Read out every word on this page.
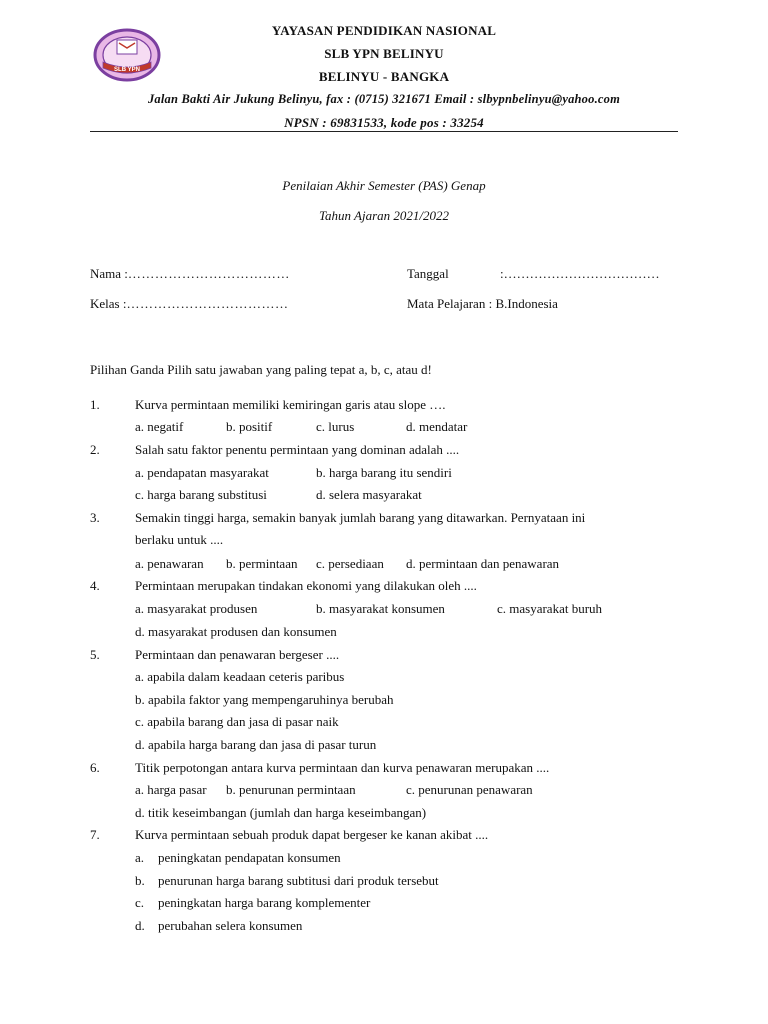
SLB YPN
YAYASAN PENDIDIKAN NASIONAL
SLB YPN BELINYU
BELINYU - BANGKA
Jalan Bakti Air Jukung Belinyu, fax : (0715) 321671 Email : slbypnbelinyu@yahoo.com
NPSN : 69831533, kode pos : 33254
Penilaian Akhir Semester (PAS) Genap
Tahun Ajaran 2021/2022
Nama :………………………………
Kelas :………………………………
Tanggal	:………………………………
Mata Pelajaran : B.Indonesia
Pilihan Ganda Pilih satu jawaban yang paling tepat a, b, c, atau d!
1.	Kurva permintaan memiliki kemiringan garis atau slope ….
a. negatif	b. positif	c. lurus	d. mendatar
2.	Salah satu faktor penentu permintaan yang dominan adalah ....
a. pendapatan masyarakat	b. harga barang itu sendiri
c. harga barang substitusi	d. selera masyarakat
3.	Semakin tinggi harga, semakin banyak jumlah barang yang ditawarkan. Pernyataan ini
berlaku untuk ....
a. penawaran b. permintaan c. persediaan d. permintaan dan penawaran
4.	Permintaan merupakan tindakan ekonomi yang dilakukan oleh ....
a. masyarakat produsen	b. masyarakat konsumen	c. masyarakat buruh
d. masyarakat produsen dan konsumen
5.	Permintaan dan penawaran bergeser ....
a. apabila dalam keadaan ceteris paribus
b. apabila faktor yang mempengaruhinya berubah
c. apabila barang dan jasa di pasar naik
d. apabila harga barang dan jasa di pasar turun
6.	Titik perpotongan antara kurva permintaan dan kurva penawaran merupakan ....
a. harga pasar b. penurunan permintaan	c. penurunan penawaran
d. titik keseimbangan (jumlah dan harga keseimbangan)
7.	Kurva permintaan sebuah produk dapat bergeser ke kanan akibat ....
a. peningkatan pendapatan konsumen
b. penurunan harga barang subtitusi dari produk tersebut
c. peningkatan harga barang komplementer
d. perubahan selera konsumen
